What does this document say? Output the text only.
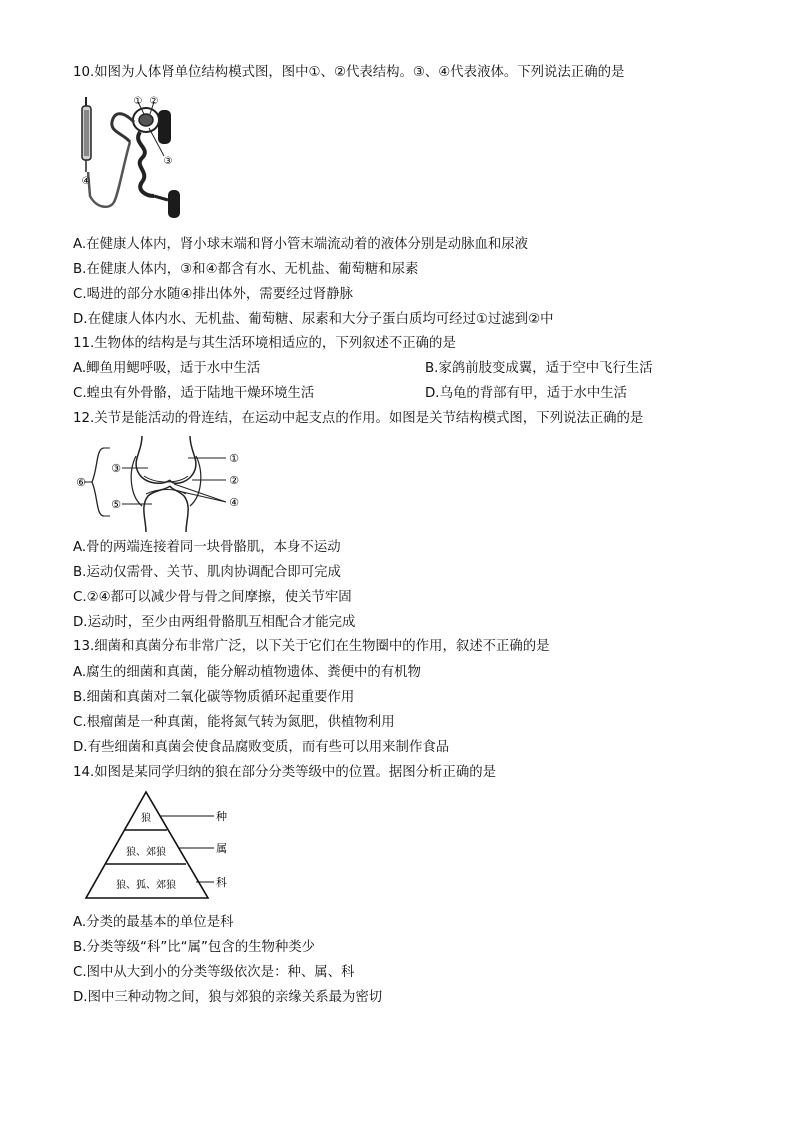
10.如图为人体肾单位结构模式图，图中①、②代表结构。③、④代表液体。下列说法正确的是
① ②
③
④
A.在健康人体内，肾小球末端和肾小管末端流动着的液体分别是动脉血和尿液
B.在健康人体内，③和④都含有水、无机盐、葡萄糖和尿素
C.喝进的部分水随④排出体外，需要经过肾静脉
D.在健康人体内水、无机盐、葡萄糖、尿素和大分子蛋白质均可经过①过滤到②中
11.生物体的结构是与其生活环境相适应的，下列叙述不正确的是
A.鲫鱼用鳃呼吸，适于水中生活	B.家鸽前肢变成翼，适于空中飞行生活
C.蝗虫有外骨骼，适于陆地干燥环境生活	D.乌龟的背部有甲，适于水中生活
12.关节是能活动的骨连结，在运动中起支点的作用。如图是关节结构模式图，下列说法正确的是
③
⑤
⑥
①
②
④
A.骨的两端连接着同一块骨骼肌，本身不运动
B.运动仅需骨、关节、肌肉协调配合即可完成
C.②④都可以减少骨与骨之间摩擦，使关节牢固
D.运动时，至少由两组骨骼肌互相配合才能完成
13.细菌和真菌分布非常广泛，以下关于它们在生物圈中的作用，叙述不正确的是
A.腐生的细菌和真菌，能分解动植物遗体、粪便中的有机物
B.细菌和真菌对二氧化碳等物质循环起重要作用
C.根瘤菌是一种真菌，能将氮气转为氮肥，供植物利用
D.有些细菌和真菌会使食品腐败变质，而有些可以用来制作食品
14.如图是某同学归纳的狼在部分分类等级中的位置。据图分析正确的是
狼
狼、郊狼
狼、狐、郊狼
种
属
科
A.分类的最基本的单位是科
B.分类等级“科”比“属”包含的生物种类少
C.图中从大到小的分类等级依次是：种、属、科
D.图中三种动物之间，狼与郊狼的亲缘关系最为密切
